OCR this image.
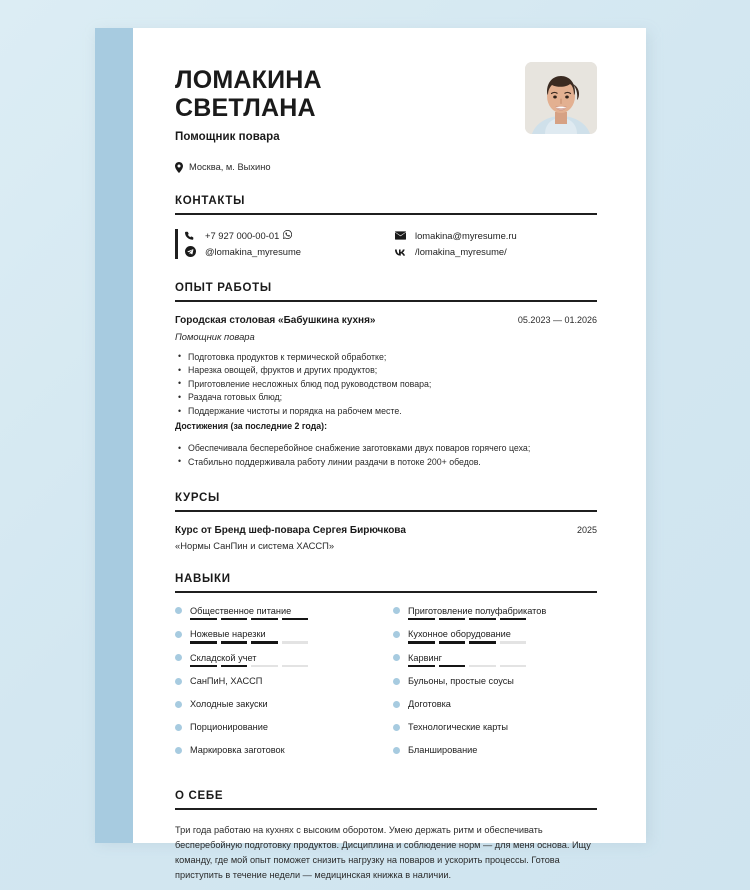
ЛОМАКИНА
СВЕТЛАНА
Помощник повара
Москва, м. Выхино
КОНТАКТЫ
+7 927 000-00-01
@lomakina_myresume
lomakina@myresume.ru
/lomakina_myresume/
ОПЫТ РАБОТЫ
Городская столовая «Бабушкина кухня»	05.2023 — 01.2026
Помощник повара
• Подготовка продуктов к термической обработке;
• Нарезка овощей, фруктов и других продуктов;
• Приготовление несложных блюд под руководством повара;
• Раздача готовых блюд;
• Поддержание чистоты и порядка на рабочем месте.
Достижения (за последние 2 года):
• Обеспечивала бесперебойное снабжение заготовками двух поваров горячего цеха;
• Стабильно поддерживала работу линии раздачи в потоке 200+ обедов.
КУРСЫ
Курс от Бренд шеф-повара Сергея Бирючкова	2025
«Нормы СанПин и система ХАССП»
НАВЫКИ
Общественное питание
Ножевые нарезки
Складской учет
СанПиН, ХАССП
Холодные закуски
Порционирование
Маркировка заготовок
Приготовление полуфабрикатов
Кухонное оборудование
Карвинг
Бульоны, простые соусы
Доготовка
Технологические карты
Бланширование
О СЕБЕ
Три года работаю на кухнях с высоким оборотом. Умею держать ритм и обеспечивать бесперебойную подготовку продуктов. Дисциплина и соблюдение норм — для меня основа. Ищу команду, где мой опыт поможет снизить нагрузку на поваров и ускорить процессы. Готова приступить в течение недели — медицинская книжка в наличии.
